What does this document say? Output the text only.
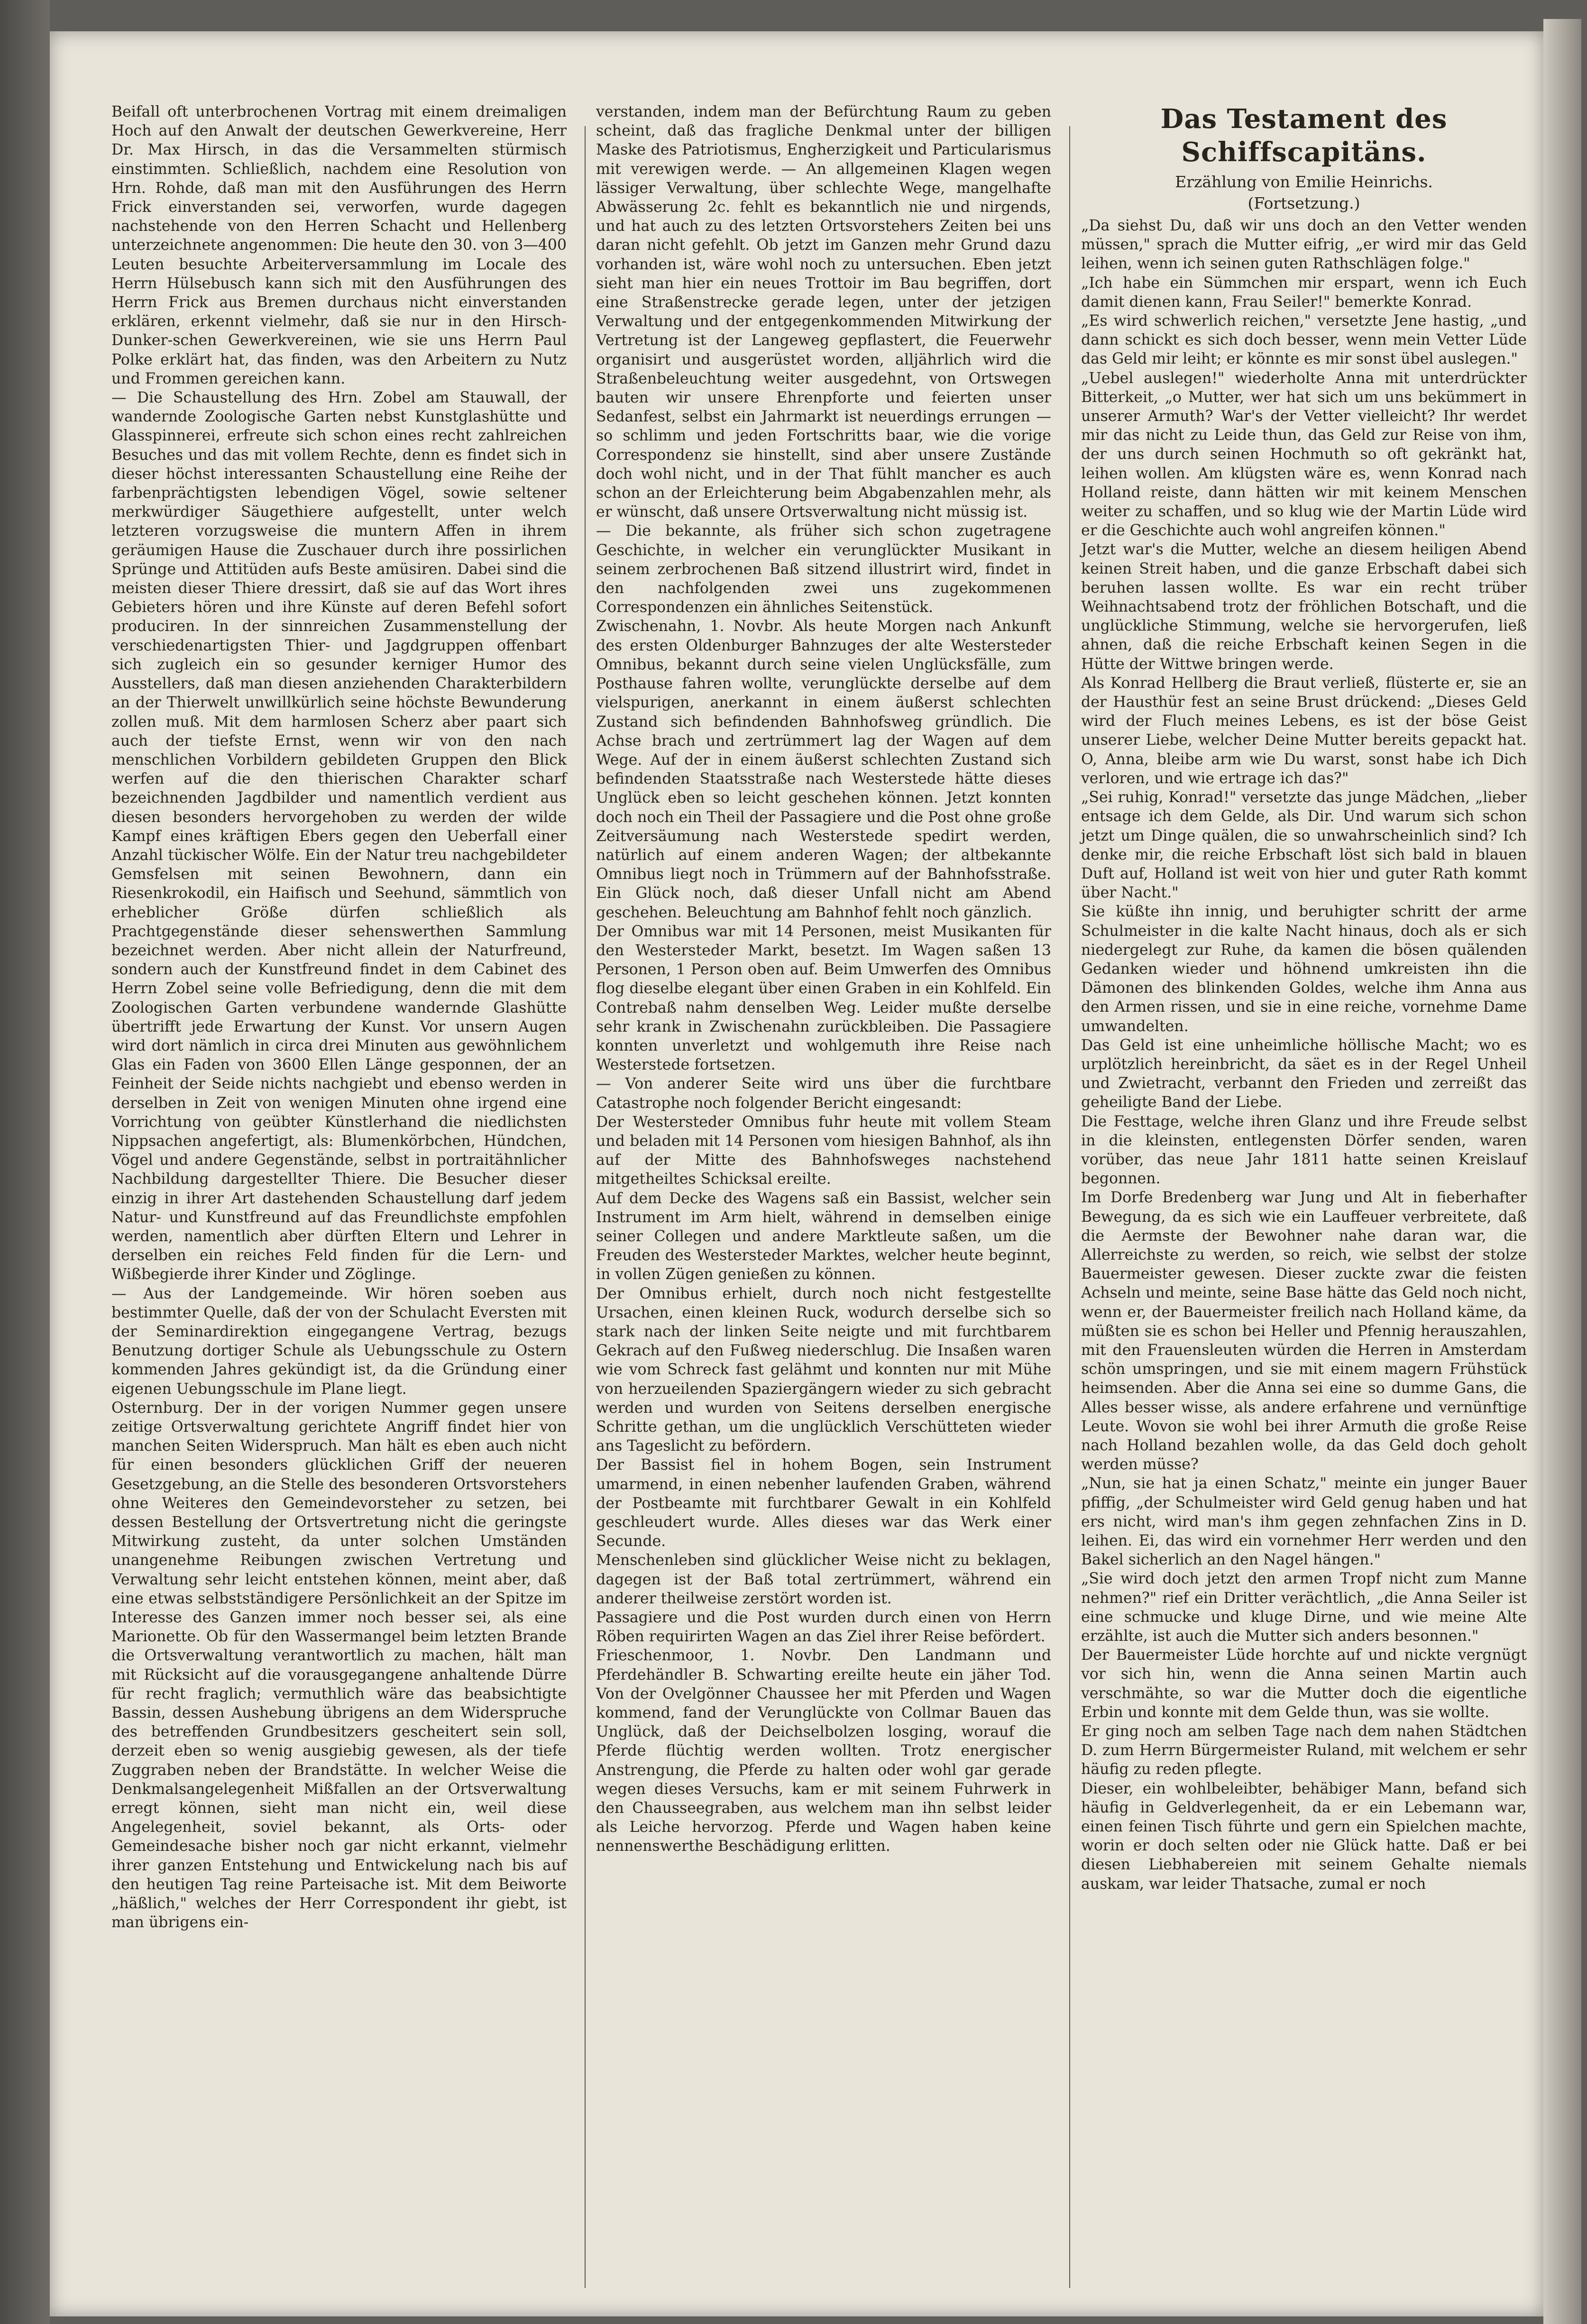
Beifall oft unterbrochenen Vortrag mit einem dreimaligen Hoch auf den Anwalt der deutschen Gewerkvereine, Herr Dr. Max Hirsch, in das die Versammelten stürmisch einstimmten. Schließlich, nachdem eine Resolution von Hrn. Rohde, daß man mit den Ausführungen des Herrn Frick einverstanden sei, verworfen, wurde dagegen nachstehende von den Herren Schacht und Hellenberg unterzeichnete angenommen: Die heute den 30. von 3—400 Leuten besuchte Arbeiterversammlung im Locale des Herrn Hülsebusch kann sich mit den Ausführungen des Herrn Frick aus Bremen durchaus nicht einverstanden erklären, erkennt vielmehr, daß sie nur in den Hirsch-Dunker-schen Gewerkvereinen, wie sie uns Herrn Paul Polke erklärt hat, das finden, was den Arbeitern zu Nutz und Frommen gereichen kann.

— Die Schaustellung des Hrn. Zobel am Stauwall, der wandernde Zoologische Garten nebst Kunstglashütte und Glasspinnerei, erfreute sich schon eines recht zahlreichen Besuches und das mit vollem Rechte, denn es findet sich in dieser höchst interessanten Schaustellung eine Reihe der farbenprächtigsten lebendigen Vögel, sowie seltener merkwürdiger Säugethiere aufgestellt, unter welch letzteren vorzugsweise die muntern Affen in ihrem geräumigen Hause die Zuschauer durch ihre possirlichen Sprünge und Attitüden aufs Beste amüsiren. Dabei sind die meisten dieser Thiere dressirt, daß sie auf das Wort ihres Gebieters hören und ihre Künste auf deren Befehl sofort produciren. In der sinnreichen Zusammenstellung der verschiedenartigsten Thier- und Jagdgruppen offenbart sich zugleich ein so gesunder kerniger Humor des Ausstellers, daß man diesen anziehenden Charakterbildern an der Thierwelt unwillkürlich seine höchste Bewunderung zollen muß. Mit dem harmlosen Scherz aber paart sich auch der tiefste Ernst, wenn wir von den nach menschlichen Vorbildern gebildeten Gruppen den Blick werfen auf die den thierischen Charakter scharf bezeichnenden Jagdbilder und namentlich verdient aus diesen besonders hervorgehoben zu werden der wilde Kampf eines kräftigen Ebers gegen den Ueberfall einer Anzahl tückischer Wölfe. Ein der Natur treu nachgebildeter Gemsfelsen mit seinen Bewohnern, dann ein Riesenkrokodil, ein Haifisch und Seehund, sämmtlich von erheblicher Größe dürfen schließlich als Prachtgegenstände dieser sehenswerthen Sammlung bezeichnet werden. Aber nicht allein der Naturfreund, sondern auch der Kunstfreund findet in dem Cabinet des Herrn Zobel seine volle Befriedigung, denn die mit dem Zoologischen Garten verbundene wandernde Glashütte übertrifft jede Erwartung der Kunst. Vor unsern Augen wird dort nämlich in circa drei Minuten aus gewöhnlichem Glas ein Faden von 3600 Ellen Länge gesponnen, der an Feinheit der Seide nichts nachgiebt und ebenso werden in derselben in Zeit von wenigen Minuten ohne irgend eine Vorrichtung von geübter Künstlerhand die niedlichsten Nippsachen angefertigt, als: Blumenkörbchen, Hündchen, Vögel und andere Gegenstände, selbst in portraitähnlicher Nachbildung dargestellter Thiere. Die Besucher dieser einzig in ihrer Art dastehenden Schaustellung darf jedem Natur- und Kunstfreund auf das Freundlichste empfohlen werden, namentlich aber dürften Eltern und Lehrer in derselben ein reiches Feld finden für die Lern- und Wißbegierde ihrer Kinder und Zöglinge.

— Aus der Landgemeinde. Wir hören soeben aus bestimmter Quelle, daß der von der Schulacht Eversten mit der Seminardirektion eingegangene Vertrag, bezugs Benutzung dortiger Schule als Uebungsschule zu Ostern kommenden Jahres gekündigt ist, da die Gründung einer eigenen Uebungsschule im Plane liegt.

Osternburg. Der in der vorigen Nummer gegen unsere zeitige Ortsverwaltung gerichtete Angriff findet hier von manchen Seiten Widerspruch. Man hält es eben auch nicht für einen besonders glücklichen Griff der neueren Gesetzgebung, an die Stelle des besonderen Ortsvorstehers ohne Weiteres den Gemeindevorsteher zu setzen, bei dessen Bestellung der Ortsvertretung nicht die geringste Mitwirkung zusteht, da unter solchen Umständen unangenehme Reibungen zwischen Vertretung und Verwaltung sehr leicht entstehen können, meint aber, daß eine etwas selbstständigere Persönlichkeit an der Spitze im Interesse des Ganzen immer noch besser sei, als eine Marionette. Ob für den Wassermangel beim letzten Brande die Ortsverwaltung verantwortlich zu machen, hält man mit Rücksicht auf die vorausgegangene anhaltende Dürre für recht fraglich; vermuthlich wäre das beabsichtigte Bassin, dessen Aushebung übrigens an dem Widerspruche des betreffenden Grundbesitzers gescheitert sein soll, derzeit eben so wenig ausgiebig gewesen, als der tiefe Zuggraben neben der Brandstätte. In welcher Weise die Denkmalsangelegenheit Mißfallen an der Ortsverwaltung erregt können, sieht man nicht ein, weil diese Angelegenheit, soviel bekannt, als Orts- oder Gemeindesache bisher noch gar nicht erkannt, vielmehr ihrer ganzen Entstehung und Entwickelung nach bis auf den heutigen Tag reine Parteisache ist. Mit dem Beiworte „häßlich," welches der Herr Correspondent ihr giebt, ist man übrigens ein-

verstanden, indem man der Befürchtung Raum zu geben scheint, daß das fragliche Denkmal unter der billigen Maske des Patriotismus, Engherzigkeit und Particularismus mit verewigen werde. — An allgemeinen Klagen wegen lässiger Verwaltung, über schlechte Wege, mangelhafte Abwässerung 2c. fehlt es bekanntlich nie und nirgends, und hat auch zu des letzten Ortsvorstehers Zeiten bei uns daran nicht gefehlt. Ob jetzt im Ganzen mehr Grund dazu vorhanden ist, wäre wohl noch zu untersuchen. Eben jetzt sieht man hier ein neues Trottoir im Bau begriffen, dort eine Straßenstrecke gerade legen, unter der jetzigen Verwaltung und der entgegenkommenden Mitwirkung der Vertretung ist der Langeweg gepflastert, die Feuerwehr organisirt und ausgerüstet worden, alljährlich wird die Straßenbeleuchtung weiter ausgedehnt, von Ortswegen bauten wir unsere Ehrenpforte und feierten unser Sedanfest, selbst ein Jahrmarkt ist neuerdings errungen — so schlimm und jeden Fortschritts baar, wie die vorige Correspondenz sie hinstellt, sind aber unsere Zustände doch wohl nicht, und in der That fühlt mancher es auch schon an der Erleichterung beim Abgabenzahlen mehr, als er wünscht, daß unsere Ortsverwaltung nicht müssig ist.

— Die bekannte, als früher sich schon zugetragene Geschichte, in welcher ein verunglückter Musikant in seinem zerbrochenen Baß sitzend illustrirt wird, findet in den nachfolgenden zwei uns zugekommenen Correspondenzen ein ähnliches Seitenstück.

Zwischenahn, 1. Novbr. Als heute Morgen nach Ankunft des ersten Oldenburger Bahnzuges der alte Westersteder Omnibus, bekannt durch seine vielen Unglücksfälle, zum Posthause fahren wollte, verunglückte derselbe auf dem vielspurigen, anerkannt in einem äußerst schlechten Zustand sich befindenden Bahnhofsweg gründlich. Die Achse brach und zertrümmert lag der Wagen auf dem Wege. Auf der in einem äußerst schlechten Zustand sich befindenden Staatsstraße nach Westerstede hätte dieses Unglück eben so leicht geschehen können. Jetzt konnten doch noch ein Theil der Passagiere und die Post ohne große Zeitversäumung nach Westerstede spedirt werden, natürlich auf einem anderen Wagen; der altbekannte Omnibus liegt noch in Trümmern auf der Bahnhofsstraße. Ein Glück noch, daß dieser Unfall nicht am Abend geschehen. Beleuchtung am Bahnhof fehlt noch gänzlich.

Der Omnibus war mit 14 Personen, meist Musikanten für den Westersteder Markt, besetzt. Im Wagen saßen 13 Personen, 1 Person oben auf. Beim Umwerfen des Omnibus flog dieselbe elegant über einen Graben in ein Kohlfeld. Ein Contrebaß nahm denselben Weg. Leider mußte derselbe sehr krank in Zwischenahn zurückbleiben. Die Passagiere konnten unverletzt und wohlgemuth ihre Reise nach Westerstede fortsetzen.

— Von anderer Seite wird uns über die furchtbare Catastrophe noch folgender Bericht eingesandt:

Der Westersteder Omnibus fuhr heute mit vollem Steam und beladen mit 14 Personen vom hiesigen Bahnhof, als ihn auf der Mitte des Bahnhofsweges nachstehend mitgetheiltes Schicksal ereilte.

Auf dem Decke des Wagens saß ein Bassist, welcher sein Instrument im Arm hielt, während in demselben einige seiner Collegen und andere Marktleute saßen, um die Freuden des Westersteder Marktes, welcher heute beginnt, in vollen Zügen genießen zu können.

Der Omnibus erhielt, durch noch nicht festgestellte Ursachen, einen kleinen Ruck, wodurch derselbe sich so stark nach der linken Seite neigte und mit furchtbarem Gekrach auf den Fußweg niederschlug. Die Insaßen waren wie vom Schreck fast gelähmt und konnten nur mit Mühe von herzueilenden Spaziergängern wieder zu sich gebracht werden und wurden von Seitens derselben energische Schritte gethan, um die unglücklich Verschütteten wieder ans Tageslicht zu befördern.

Der Bassist fiel in hohem Bogen, sein Instrument umarmend, in einen nebenher laufenden Graben, während der Postbeamte mit furchtbarer Gewalt in ein Kohlfeld geschleudert wurde. Alles dieses war das Werk einer Secunde.

Menschenleben sind glücklicher Weise nicht zu beklagen, dagegen ist der Baß total zertrümmert, während ein anderer theilweise zerstört worden ist.

Passagiere und die Post wurden durch einen von Herrn Röben requirirten Wagen an das Ziel ihrer Reise befördert.

Frieschenmoor, 1. Novbr. Den Landmann und Pferdehändler B. Schwarting ereilte heute ein jäher Tod. Von der Ovelgönner Chaussee her mit Pferden und Wagen kommend, fand der Verunglückte von Collmar Bauen das Unglück, daß der Deichselbolzen losging, worauf die Pferde flüchtig werden wollten. Trotz energischer Anstrengung, die Pferde zu halten oder wohl gar gerade wegen dieses Versuchs, kam er mit seinem Fuhrwerk in den Chausseegraben, aus welchem man ihn selbst leider als Leiche hervorzog. Pferde und Wagen haben keine nennenswerthe Beschädigung erlitten.

Das Testament des Schiffscapitäns.
Erzählung von Emilie Heinrichs.
(Fortsetzung.)

„Da siehst Du, daß wir uns doch an den Vetter wenden müssen," sprach die Mutter eifrig, „er wird mir das Geld leihen, wenn ich seinen guten Rathschlägen folge."

„Ich habe ein Sümmchen mir erspart, wenn ich Euch damit dienen kann, Frau Seiler!" bemerkte Konrad.

„Es wird schwerlich reichen," versetzte Jene hastig, „und dann schickt es sich doch besser, wenn mein Vetter Lüde das Geld mir leiht; er könnte es mir sonst übel auslegen."

„Uebel auslegen!" wiederholte Anna mit unterdrückter Bitterkeit, „o Mutter, wer hat sich um uns bekümmert in unserer Armuth? War's der Vetter vielleicht? Ihr werdet mir das nicht zu Leide thun, das Geld zur Reise von ihm, der uns durch seinen Hochmuth so oft gekränkt hat, leihen wollen. Am klügsten wäre es, wenn Konrad nach Holland reiste, dann hätten wir mit keinem Menschen weiter zu schaffen, und so klug wie der Martin Lüde wird er die Geschichte auch wohl angreifen können."

Jetzt war's die Mutter, welche an diesem heiligen Abend keinen Streit haben, und die ganze Erbschaft dabei sich beruhen lassen wollte. Es war ein recht trüber Weihnachtsabend trotz der fröhlichen Botschaft, und die unglückliche Stimmung, welche sie hervorgerufen, ließ ahnen, daß die reiche Erbschaft keinen Segen in die Hütte der Wittwe bringen werde.

Als Konrad Hellberg die Braut verließ, flüsterte er, sie an der Hausthür fest an seine Brust drückend: „Dieses Geld wird der Fluch meines Lebens, es ist der böse Geist unserer Liebe, welcher Deine Mutter bereits gepackt hat. O, Anna, bleibe arm wie Du warst, sonst habe ich Dich verloren, und wie ertrage ich das?"

„Sei ruhig, Konrad!" versetzte das junge Mädchen, „lieber entsage ich dem Gelde, als Dir. Und warum sich schon jetzt um Dinge quälen, die so unwahrscheinlich sind? Ich denke mir, die reiche Erbschaft löst sich bald in blauen Duft auf, Holland ist weit von hier und guter Rath kommt über Nacht."

Sie küßte ihn innig, und beruhigter schritt der arme Schulmeister in die kalte Nacht hinaus, doch als er sich niedergelegt zur Ruhe, da kamen die bösen quälenden Gedanken wieder und höhnend umkreisten ihn die Dämonen des blinkenden Goldes, welche ihm Anna aus den Armen rissen, und sie in eine reiche, vornehme Dame umwandelten.

Das Geld ist eine unheimliche höllische Macht; wo es urplötzlich hereinbricht, da säet es in der Regel Unheil und Zwietracht, verbannt den Frieden und zerreißt das geheiligte Band der Liebe.

Die Festtage, welche ihren Glanz und ihre Freude selbst in die kleinsten, entlegensten Dörfer senden, waren vorüber, das neue Jahr 1811 hatte seinen Kreislauf begonnen.

Im Dorfe Bredenberg war Jung und Alt in fieberhafter Bewegung, da es sich wie ein Lauffeuer verbreitete, daß die Aermste der Bewohner nahe daran war, die Allerreichste zu werden, so reich, wie selbst der stolze Bauermeister gewesen. Dieser zuckte zwar die feisten Achseln und meinte, seine Base hätte das Geld noch nicht, wenn er, der Bauermeister freilich nach Holland käme, da müßten sie es schon bei Heller und Pfennig herauszahlen, mit den Frauensleuten würden die Herren in Amsterdam schön umspringen, und sie mit einem magern Frühstück heimsenden. Aber die Anna sei eine so dumme Gans, die Alles besser wisse, als andere erfahrene und vernünftige Leute. Wovon sie wohl bei ihrer Armuth die große Reise nach Holland bezahlen wolle, da das Geld doch geholt werden müsse?

„Nun, sie hat ja einen Schatz," meinte ein junger Bauer pfiffig, „der Schulmeister wird Geld genug haben und hat ers nicht, wird man's ihm gegen zehnfachen Zins in D. leihen. Ei, das wird ein vornehmer Herr werden und den Bakel sicherlich an den Nagel hängen."

„Sie wird doch jetzt den armen Tropf nicht zum Manne nehmen?" rief ein Dritter verächtlich, „die Anna Seiler ist eine schmucke und kluge Dirne, und wie meine Alte erzählte, ist auch die Mutter sich anders besonnen."

Der Bauermeister Lüde horchte auf und nickte vergnügt vor sich hin, wenn die Anna seinen Martin auch verschmähte, so war die Mutter doch die eigentliche Erbin und konnte mit dem Gelde thun, was sie wollte.

Er ging noch am selben Tage nach dem nahen Städtchen D. zum Herrn Bürgermeister Ruland, mit welchem er sehr häufig zu reden pflegte.

Dieser, ein wohlbeleibter, behäbiger Mann, befand sich häufig in Geldverlegenheit, da er ein Lebemann war, einen feinen Tisch führte und gern ein Spielchen machte, worin er doch selten oder nie Glück hatte. Daß er bei diesen Liebhabereien mit seinem Gehalte niemals auskam, war leider Thatsache, zumal er noch
